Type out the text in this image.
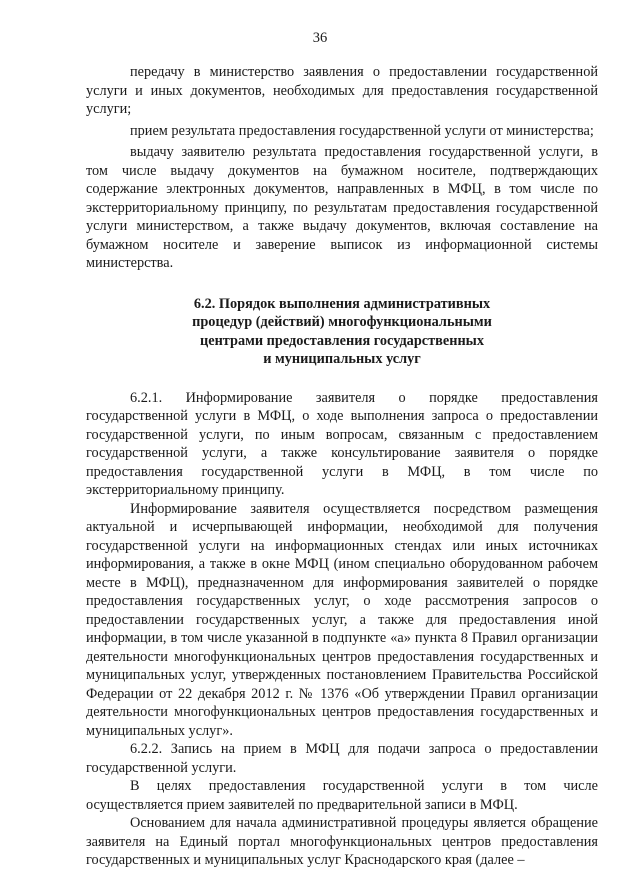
36

передачу в министерство заявления о предоставлении государственной услуги и иных документов, необходимых для предоставления государственной услуги;

прием результата предоставления государственной услуги от министерства;

выдачу заявителю результата предоставления государственной услуги, в том числе выдачу документов на бумажном носителе, подтверждающих содержание электронных документов, направленных в МФЦ, в том числе по экстерриториальному принципу, по результатам предоставления государственной услуги министерством, а также выдачу документов, включая составление на бумажном носителе и заверение выписок из информационной системы министерства.

6.2. Порядок выполнения административных
процедур (действий) многофункциональными
центрами предоставления государственных
и муниципальных услуг

6.2.1. Информирование заявителя о порядке предоставления государственной услуги в МФЦ, о ходе выполнения запроса о предоставлении государственной услуги, по иным вопросам, связанным с предоставлением государственной услуги, а также консультирование заявителя о порядке предоставления государственной услуги в МФЦ, в том числе по экстерриториальному принципу.

Информирование заявителя осуществляется посредством размещения актуальной и исчерпывающей информации, необходимой для получения государственной услуги на информационных стендах или иных источниках информирования, а также в окне МФЦ (ином специально оборудованном рабочем месте в МФЦ), предназначенном для информирования заявителей о порядке предоставления государственных услуг, о ходе рассмотрения запросов о предоставлении государственных услуг, а также для предоставления иной информации, в том числе указанной в подпункте «а» пункта 8 Правил организации деятельности многофункциональных центров предоставления государственных и муниципальных услуг, утвержденных постановлением Правительства Российской Федерации от 22 декабря 2012 г. № 1376 «Об утверждении Правил организации деятельности многофункциональных центров предоставления государственных и муниципальных услуг».

6.2.2. Запись на прием в МФЦ для подачи запроса о предоставлении государственной услуги.

В целях предоставления государственной услуги в том числе осуществляется прием заявителей по предварительной записи в МФЦ.

Основанием для начала административной процедуры является обращение заявителя на Единый портал многофункциональных центров предоставления государственных и муниципальных услуг Краснодарского края (далее –
